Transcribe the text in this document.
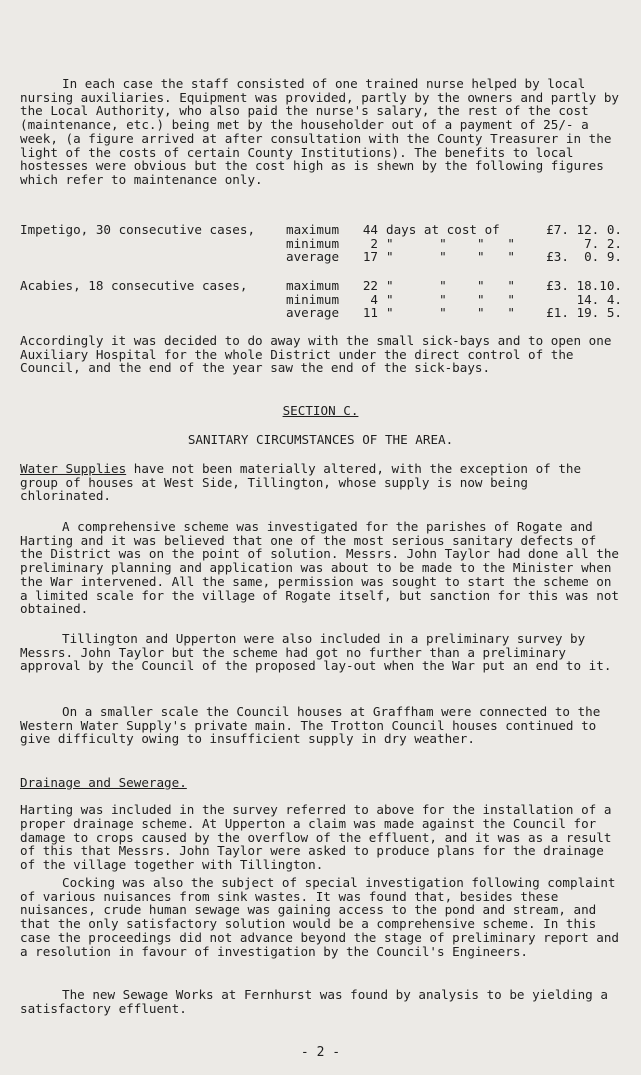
In each case the staff consisted of one trained nurse helped by local nursing auxiliaries. Equipment was provided, partly by the owners and partly by the Local Authority, who also paid the nurse's salary, the rest of the cost (maintenance, etc.) being met by the householder out of a payment of 25/- a week, (a figure arrived at after consultation with the County Treasurer in the light of the costs of certain County Institutions). The benefits to local hostesses were obvious but the cost high as is shewn by the following figures which refer to maintenance only.

Impetigo, 30 consecutive cases,	maximum	44	days at cost of	£7. 12. 0.
	minimum	2	"      "    "   "	7. 2.
	average	17	"      "    "   "	£3.  0. 9.
Acabies, 18 consecutive cases,	maximum	22	"      "    "   "	£3. 18.10.
	minimum	4	"      "    "   "	14. 4.
	average	11	"      "    "   "	£1. 19. 5.

Accordingly it was decided to do away with the small sick-bays and to open one Auxiliary Hospital for the whole District under the direct control of the Council, and the end of the year saw the end of the sick-bays.

SECTION C.
SANITARY CIRCUMSTANCES OF THE AREA.

Water Supplies have not been materially altered, with the exception of the group of houses at West Side, Tillington, whose supply is now being chlorinated.

A comprehensive scheme was investigated for the parishes of Rogate and Harting and it was believed that one of the most serious sanitary defects of the District was on the point of solution. Messrs. John Taylor had done all the preliminary planning and application was about to be made to the Minister when the War intervened. All the same, permission was sought to start the scheme on a limited scale for the village of Rogate itself, but sanction for this was not obtained.

Tillington and Upperton were also included in a preliminary survey by Messrs. John Taylor but the scheme had got no further than a preliminary approval by the Council of the proposed lay-out when the War put an end to it.

On a smaller scale the Council houses at Graffham were connected to the Western Water Supply's private main. The Trotton Council houses continued to give difficulty owing to insufficient supply in dry weather.

Drainage and Sewerage.

Harting was included in the survey referred to above for the installation of a proper drainage scheme. At Upperton a claim was made against the Council for damage to crops caused by the overflow of the effluent, and it was as a result of this that Messrs. John Taylor were asked to produce plans for the drainage of the village together with Tillington.

Cocking was also the subject of special investigation following complaint of various nuisances from sink wastes. It was found that, besides these nuisances, crude human sewage was gaining access to the pond and stream, and that the only satisfactory solution would be a comprehensive scheme. In this case the proceedings did not advance beyond the stage of preliminary report and a resolution in favour of investigation by the Council's Engineers.

The new Sewage Works at Fernhurst was found by analysis to be yielding a satisfactory effluent.

- 2 -
